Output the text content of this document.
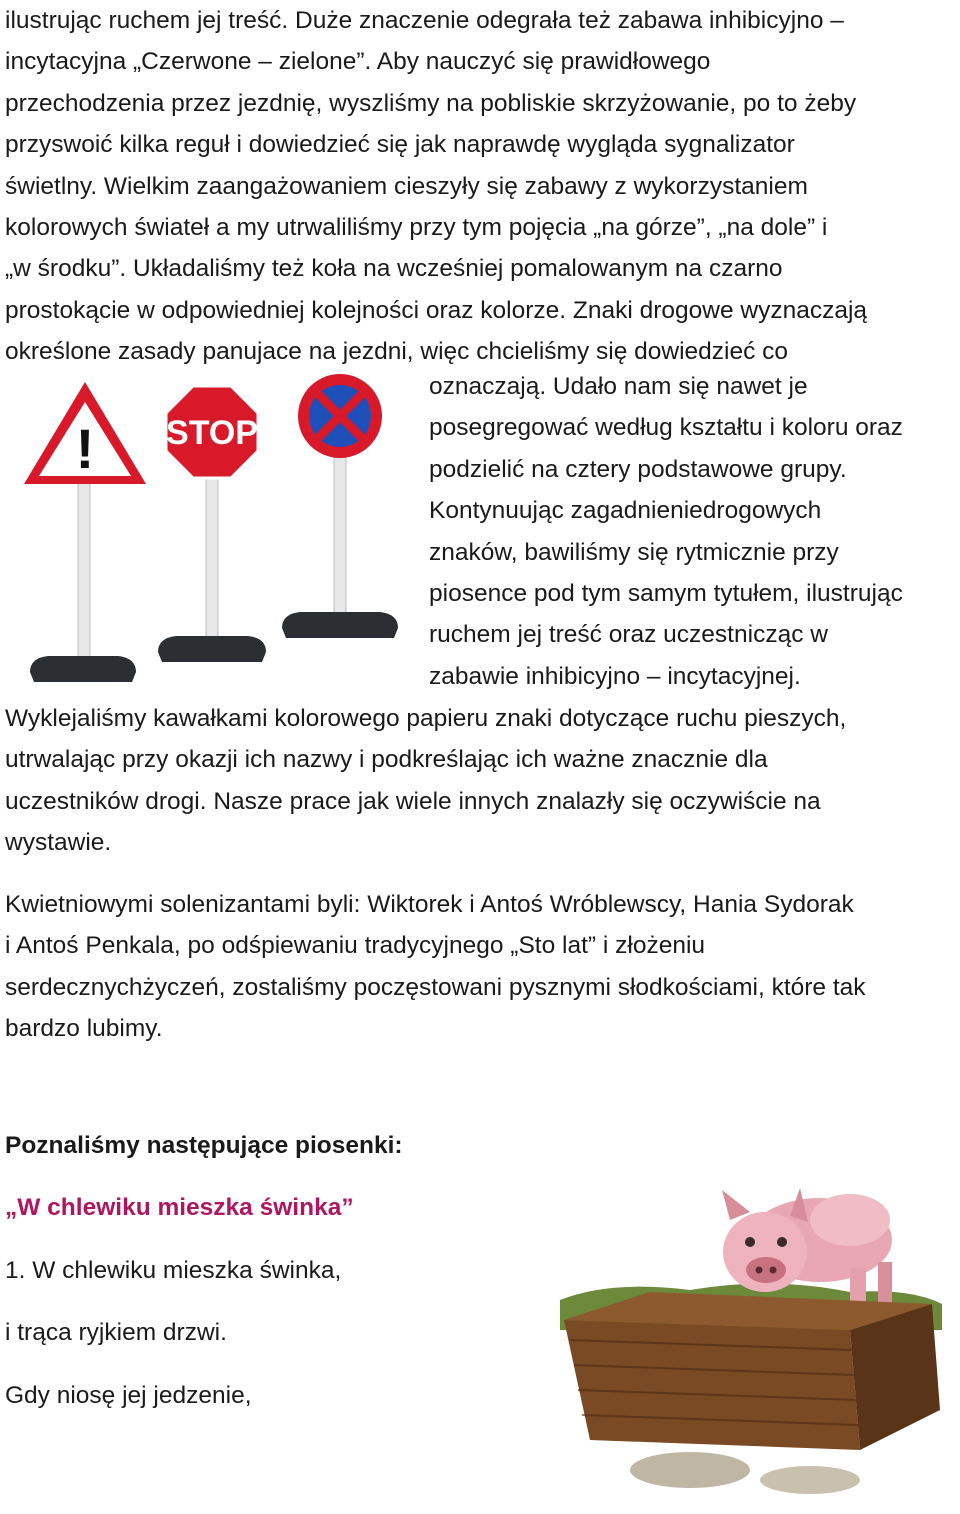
ilustrując ruchem jej treść. Duże znaczenie odegrała też zabawa inhibicyjno –
incytacyjna „Czerwone – zielone”. Aby nauczyć się prawidłowego
przechodzenia przez jezdnię, wyszliśmy na pobliskie skrzyżowanie, po to żeby
przyswoić kilka reguł i dowiedzieć się jak naprawdę wygląda sygnalizator
świetlny. Wielkim zaangażowaniem cieszyły się zabawy z wykorzystaniem
kolorowych świateł a my utrwaliliśmy przy tym pojęcia „na górze”, „na dole” i
„w środku”. Układaliśmy też koła na wcześniej pomalowanym na czarno
prostokącie w odpowiedniej kolejności oraz kolorze. Znaki drogowe wyznaczają
określone zasady panujace na jezdni, więc chcieliśmy się dowiedzieć co
! STOP
oznaczają. Udało nam się nawet je
posegregować według kształtu i koloru oraz
podzielić na cztery podstawowe grupy.
Kontynuując zagadnieniedrogowych
znaków, bawiliśmy się rytmicznie przy
piosence pod tym samym tytułem, ilustrując
ruchem jej treść oraz uczestnicząc w
zabawie inhibicyjno – incytacyjnej.
Wyklejaliśmy kawałkami kolorowego papieru znaki dotyczące ruchu pieszych,
utrwalając przy okazji ich nazwy i podkreślając ich ważne znacznie dla
uczestników drogi. Nasze prace jak wiele innych znalazły się oczywiście na
wystawie.
Kwietniowymi solenizantami byli: Wiktorek i Antoś Wróblewscy, Hania Sydorak
i Antoś Penkala, po odśpiewaniu tradycyjnego „Sto lat” i złożeniu
serdecznychżyczeń, zostaliśmy poczęstowani pysznymi słodkościami, które tak
bardzo lubimy.
Poznaliśmy następujące piosenki:
„W chlewiku mieszka świnka”
1. W chlewiku mieszka świnka,
i trąca ryjkiem drzwi.
Gdy niosę jej jedzenie,
